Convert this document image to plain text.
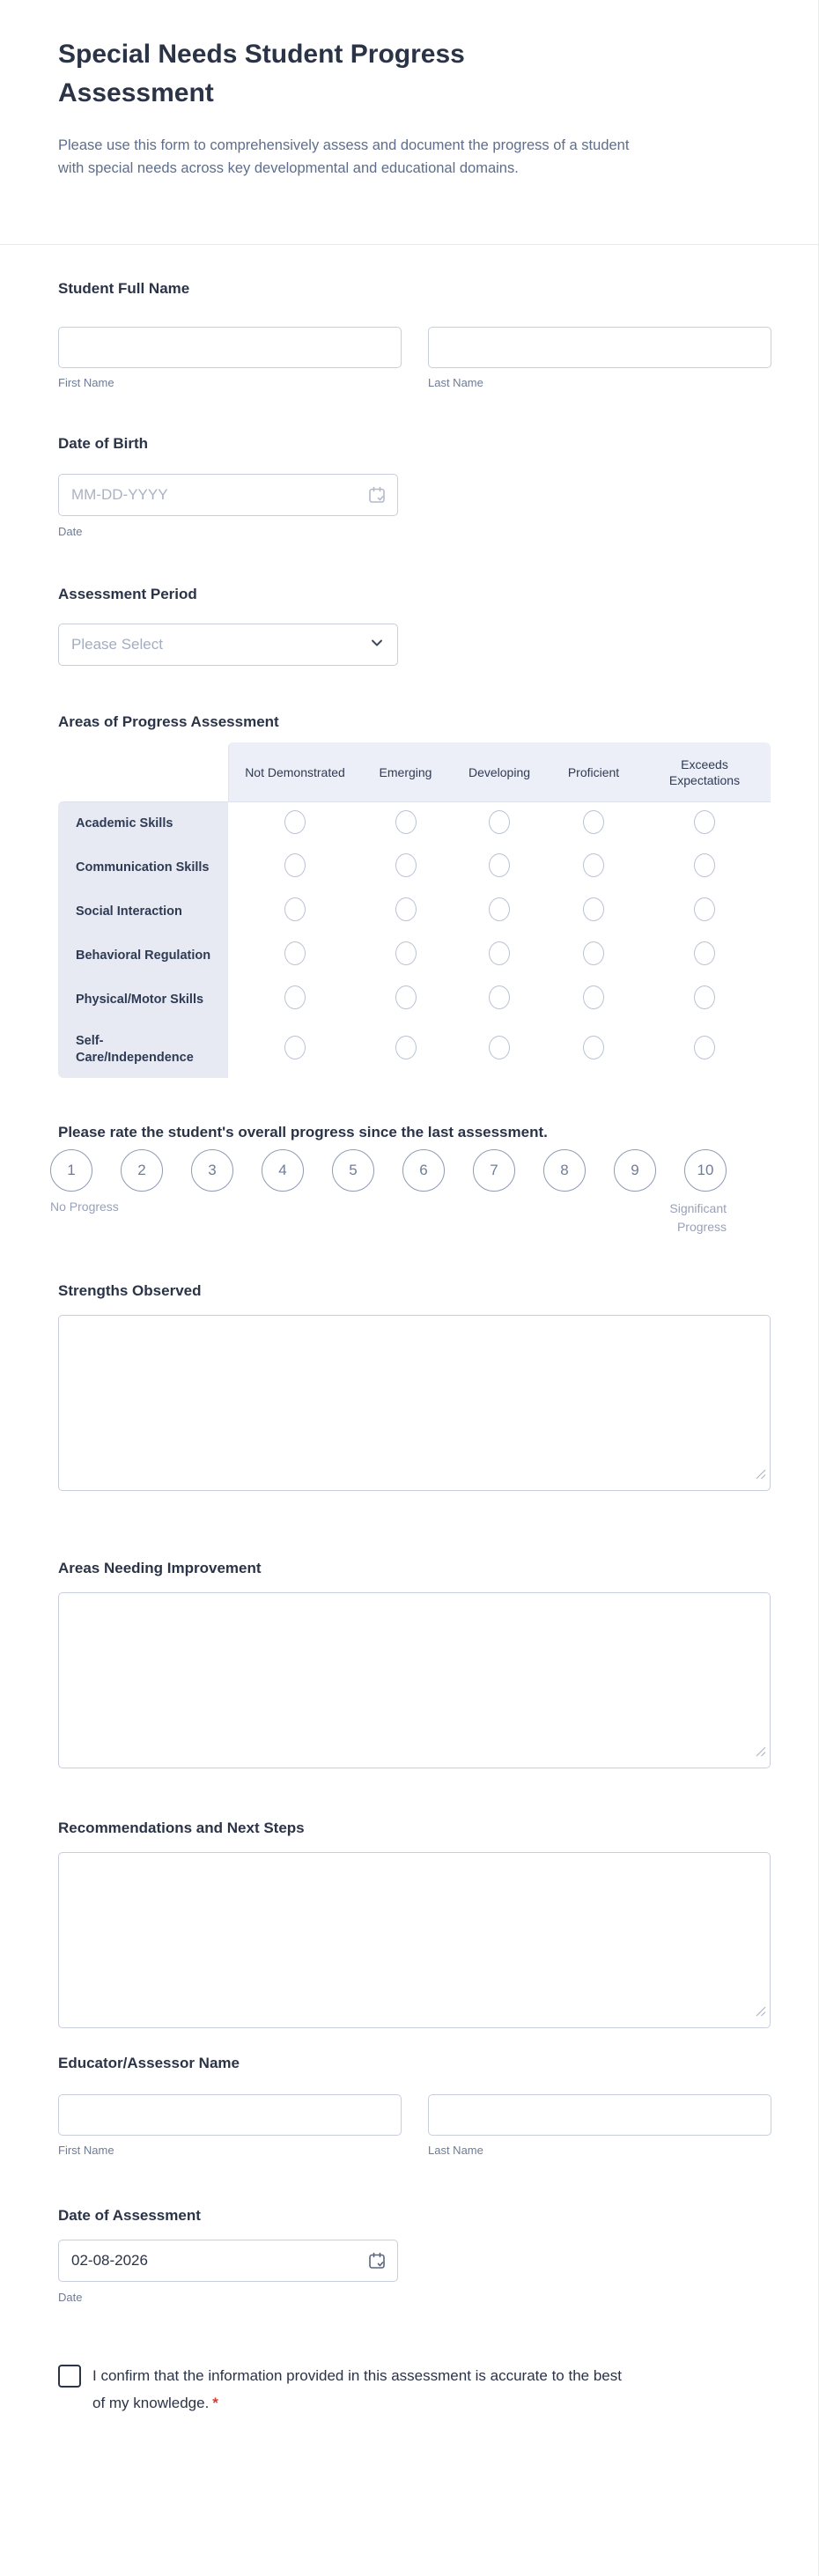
Special Needs Student Progress Assessment

Please use this form to comprehensively assess and document the progress of a student with special needs across key developmental and educational domains.

Student Full Name
First Name	Last Name
Date of Birth
MM-DD-YYYY
Date
Assessment Period
Please Select
Areas of Progress Assessment
	Not Demonstrated	Emerging	Developing	Proficient	Exceeds Expectations
Academic Skills					
Communication Skills					
Social Interaction					
Behavioral Regulation					
Physical/Motor Skills					
Self-Care/Independence					
Please rate the student's overall progress since the last assessment.
1	2	3	4	5	6	7	8	9	10
No Progress	Significant Progress
Strengths Observed
Areas Needing Improvement
Recommendations and Next Steps
Educator/Assessor Name
First Name	Last Name
Date of Assessment
02-08-2026
Date
I confirm that the information provided in this assessment is accurate to the best of my knowledge. *
